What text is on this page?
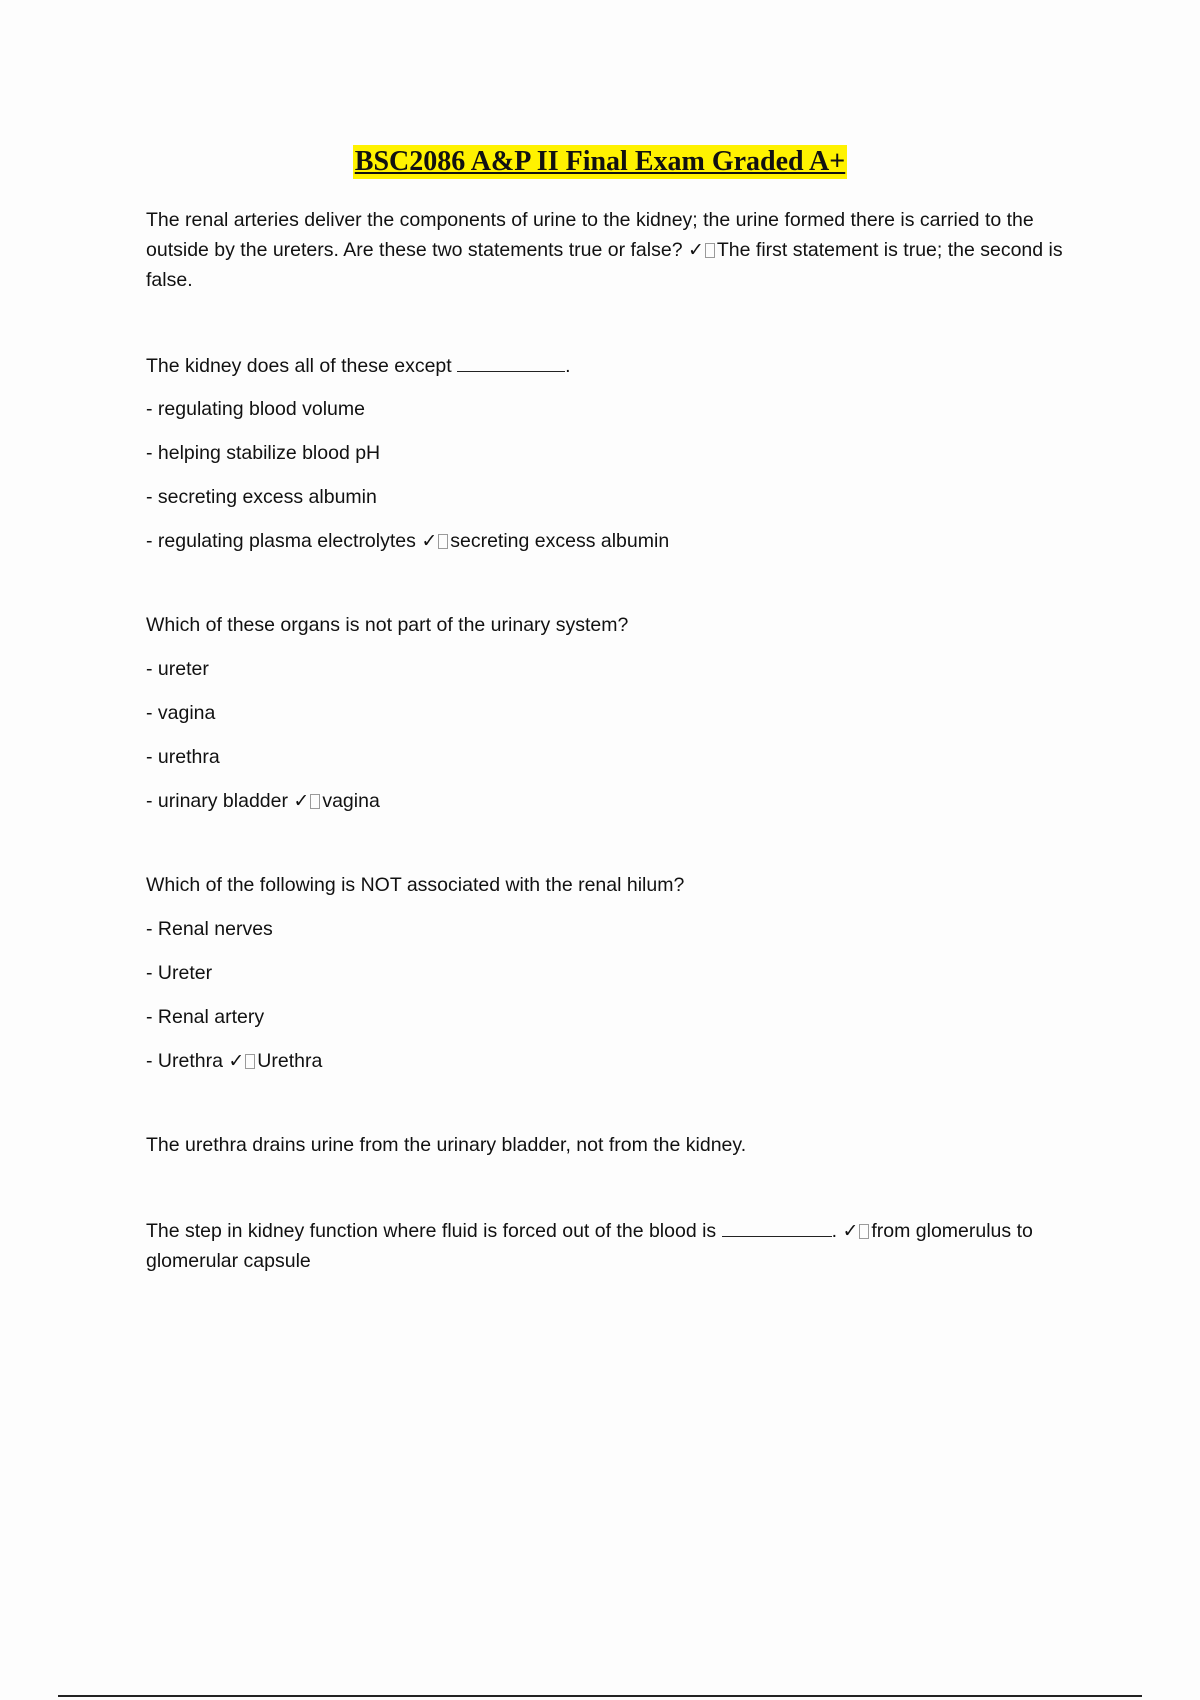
BSC2086 A&P II Final Exam Graded A+

The renal arteries deliver the components of urine to the kidney; the urine formed there is carried to the outside by the ureters. Are these two statements true or false? ✓ The first statement is true; the second is false.

The kidney does all of these except	.

- regulating blood volume

- helping stabilize blood pH

- secreting excess albumin

- regulating plasma electrolytes ✓ secreting excess albumin

Which of these organs is not part of the urinary system?

- ureter

- vagina

- urethra

- urinary bladder ✓ vagina

Which of the following is NOT associated with the renal hilum?

- Renal nerves

- Ureter

- Renal artery

- Urethra ✓ Urethra

The urethra drains urine from the urinary bladder, not from the kidney.

The step in kidney function where fluid is forced out of the blood is	. ✓ from glomerulus to glomerular capsule
